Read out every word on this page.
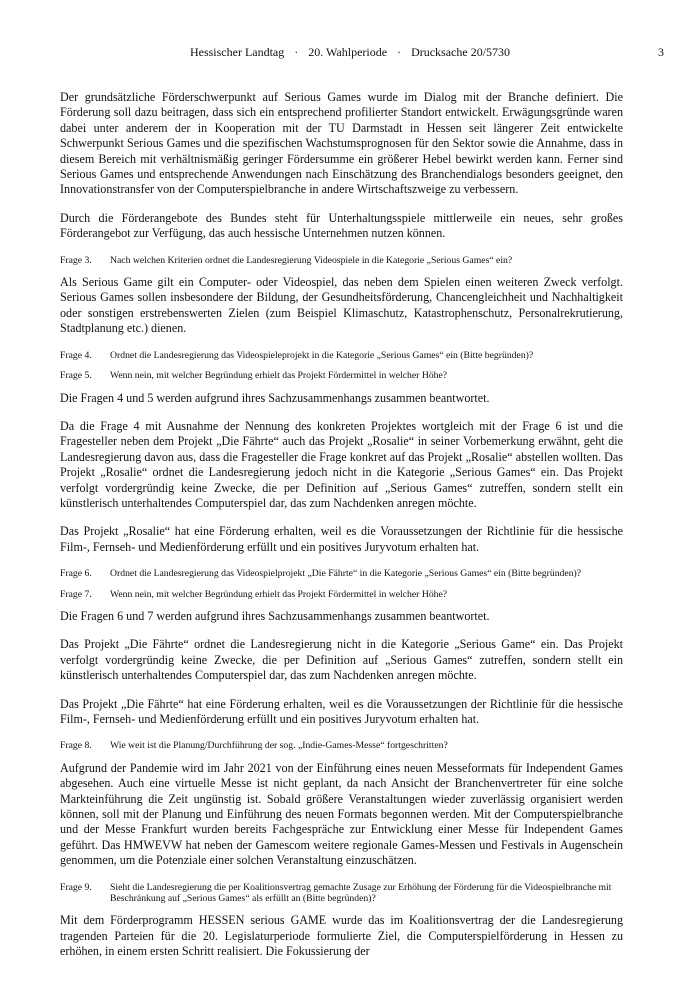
Hessischer Landtag · 20. Wahlperiode · Drucksache 20/5730	3

Der grundsätzliche Förderschwerpunkt auf Serious Games wurde im Dialog mit der Branche definiert. Die Förderung soll dazu beitragen, dass sich ein entsprechend profilierter Standort entwickelt. Erwägungsgründe waren dabei unter anderem der in Kooperation mit der TU Darmstadt in Hessen seit längerer Zeit entwickelte Schwerpunkt Serious Games und die spezifischen Wachstumsprognosen für den Sektor sowie die Annahme, dass in diesem Bereich mit verhältnismäßig geringer Fördersumme ein größerer Hebel bewirkt werden kann. Ferner sind Serious Games und entsprechende Anwendungen nach Einschätzung des Branchendialogs besonders geeignet, den Innovationstransfer von der Computerspielbranche in andere Wirtschaftszweige zu verbessern.

Durch die Förderangebote des Bundes steht für Unterhaltungsspiele mittlerweile ein neues, sehr großes Förderangebot zur Verfügung, das auch hessische Unternehmen nutzen können.

Frage 3.	Nach welchen Kriterien ordnet die Landesregierung Videospiele in die Kategorie „Serious Games“ ein?

Als Serious Game gilt ein Computer- oder Videospiel, das neben dem Spielen einen weiteren Zweck verfolgt. Serious Games sollen insbesondere der Bildung, der Gesundheitsförderung, Chancengleichheit und Nachhaltigkeit oder sonstigen erstrebenswerten Zielen (zum Beispiel Klimaschutz, Katastrophenschutz, Personalrekrutierung, Stadtplanung etc.) dienen.

Frage 4.	Ordnet die Landesregierung das Videospieleprojekt in die Kategorie „Serious Games“ ein (Bitte begründen)?
Frage 5.	Wenn nein, mit welcher Begründung erhielt das Projekt Fördermittel in welcher Höhe?

Die Fragen 4 und 5 werden aufgrund ihres Sachzusammenhangs zusammen beantwortet.

Da die Frage 4 mit Ausnahme der Nennung des konkreten Projektes wortgleich mit der Frage 6 ist und die Fragesteller neben dem Projekt „Die Fährte“ auch das Projekt „Rosalie“ in seiner Vorbemerkung erwähnt, geht die Landesregierung davon aus, dass die Fragesteller die Frage konkret auf das Projekt „Rosalie“ abstellen wollten. Das Projekt „Rosalie“ ordnet die Landesregierung jedoch nicht in die Kategorie „Serious Games“ ein. Das Projekt verfolgt vordergründig keine Zwecke, die per Definition auf „Serious Games“ zutreffen, sondern stellt ein künstlerisch unterhaltendes Computerspiel dar, das zum Nachdenken anregen möchte.

Das Projekt „Rosalie“ hat eine Förderung erhalten, weil es die Voraussetzungen der Richtlinie für die hessische Film-, Fernseh- und Medienförderung erfüllt und ein positives Juryvotum erhalten hat.

Frage 6.	Ordnet die Landesregierung das Videospielprojekt „Die Fährte“ in die Kategorie „Serious Games“ ein (Bitte begründen)?
Frage 7.	Wenn nein, mit welcher Begründung erhielt das Projekt Fördermittel in welcher Höhe?

Die Fragen 6 und 7 werden aufgrund ihres Sachzusammenhangs zusammen beantwortet.

Das Projekt „Die Fährte“ ordnet die Landesregierung nicht in die Kategorie „Serious Game“ ein. Das Projekt verfolgt vordergründig keine Zwecke, die per Definition auf „Serious Games“ zutreffen, sondern stellt ein künstlerisch unterhaltendes Computerspiel dar, das zum Nachdenken anregen möchte.

Das Projekt „Die Fährte“ hat eine Förderung erhalten, weil es die Voraussetzungen der Richtlinie für die hessische Film-, Fernseh- und Medienförderung erfüllt und ein positives Juryvotum erhalten hat.

Frage 8.	Wie weit ist die Planung/Durchführung der sog. „Indie-Games-Messe“ fortgeschritten?

Aufgrund der Pandemie wird im Jahr 2021 von der Einführung eines neuen Messeformats für Independent Games abgesehen. Auch eine virtuelle Messe ist nicht geplant, da nach Ansicht der Branchenvertreter für eine solche Markteinführung die Zeit ungünstig ist. Sobald größere Veranstaltungen wieder zuverlässig organisiert werden können, soll mit der Planung und Einführung des neuen Formats begonnen werden. Mit der Computerspielbranche und der Messe Frankfurt wurden bereits Fachgespräche zur Entwicklung einer Messe für Independent Games geführt. Das HMWEVW hat neben der Gamescom weitere regionale Games-Messen und Festivals in Augenschein genommen, um die Potenziale einer solchen Veranstaltung einzuschätzen.

Frage 9.	Sieht die Landesregierung die per Koalitionsvertrag gemachte Zusage zur Erhöhung der Förderung für die Videospielbranche mit Beschränkung auf „Serious Games“ als erfüllt an (Bitte begründen)?

Mit dem Förderprogramm HESSEN serious GAME wurde das im Koalitionsvertrag der die Landesregierung tragenden Parteien für die 20. Legislaturperiode formulierte Ziel, die Computerspielförderung in Hessen zu erhöhen, in einem ersten Schritt realisiert. Die Fokussierung der
